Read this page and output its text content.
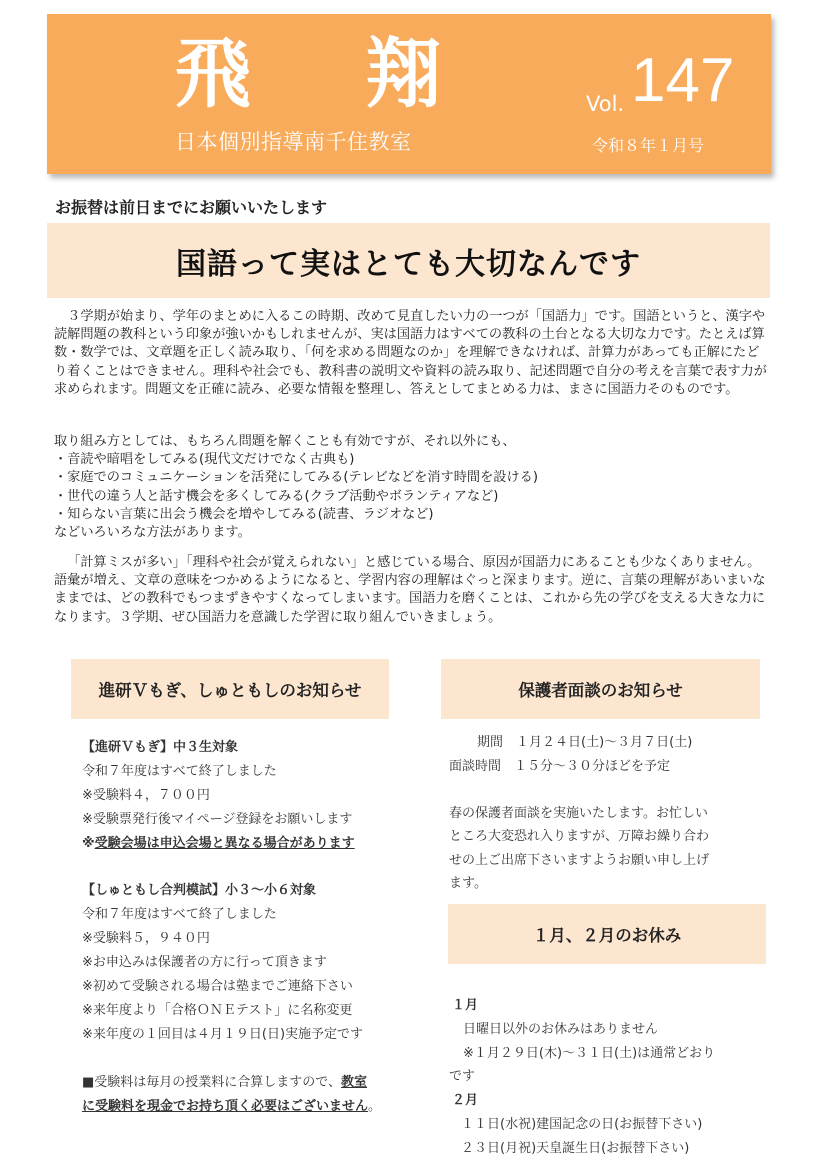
飛 翔
日本個別指導南千住教室
Vol. 147
令和８年１月号
お振替は前日までにお願いいたします
国語って実はとても大切なんです
３学期が始まり、学年のまとめに入るこの時期、改めて見直したい力の一つが「国語力」です。国語というと、漢字や読解問題の教科という印象が強いかもしれませんが、実は国語力はすべての教科の土台となる大切な力です。たとえば算数・数学では、文章題を正しく読み取り、「何を求める問題なのか」を理解できなければ、計算力があっても正解にたどり着くことはできません。理科や社会でも、教科書の説明文や資料の読み取り、記述問題で自分の考えを言葉で表す力が求められます。問題文を正確に読み、必要な情報を整理し、答えとしてまとめる力は、まさに国語力そのものです。
取り組み方としては、もちろん問題を解くことも有効ですが、それ以外にも、
・音読や暗唱をしてみる(現代文だけでなく古典も)
・家庭でのコミュニケーションを活発にしてみる(テレビなどを消す時間を設ける)
・世代の違う人と話す機会を多くしてみる(クラブ活動やボランティアなど)
・知らない言葉に出会う機会を増やしてみる(読書、ラジオなど)
などいろいろな方法があります。
「計算ミスが多い」「理科や社会が覚えられない」と感じている場合、原因が国語力にあることも少なくありません。語彙が増え、文章の意味をつかめるようになると、学習内容の理解はぐっと深まります。逆に、言葉の理解があいまいなままでは、どの教科でもつまずきやすくなってしまいます。国語力を磨くことは、これから先の学びを支える大きな力になります。３学期、ぜひ国語力を意識した学習に取り組んでいきましょう。
進研Ｖもぎ、しゅともしのお知らせ
【進研Ｖもぎ】中３生対象
令和７年度はすべて終了しました
※受験料４，７００円
※受験票発行後マイページ登録をお願いします
※受験会場は申込会場と異なる場合があります
【しゅともし合判模試】小３～小６対象
令和７年度はすべて終了しました
※受験料５，９４０円
※お申込みは保護者の方に行って頂きます
※初めて受験される場合は塾までご連絡下さい
※来年度より「合格ＯＮＥテスト」に名称変更
※来年度の１回目は４月１９日(日)実施予定です
■受験料は毎月の授業料に合算しますので、教室
に受験料を現金でお持ち頂く必要はございません。
保護者面談のお知らせ
期間　１月２４日(土)～３月７日(土)
面談時間　１５分～３０分ほどを予定
春の保護者面談を実施いたします。お忙しい
ところ大変恐れ入りますが、万障お繰り合わ
せの上ご出席下さいますようお願い申し上げ
ます。
１月、２月のお休み
１月
日曜日以外のお休みはありません
※１月２９日(木)～３１日(土)は通常どおり
です
２月
１１日(水祝)建国記念の日(お振替下さい)
２３日(月祝)天皇誕生日(お振替下さい)
